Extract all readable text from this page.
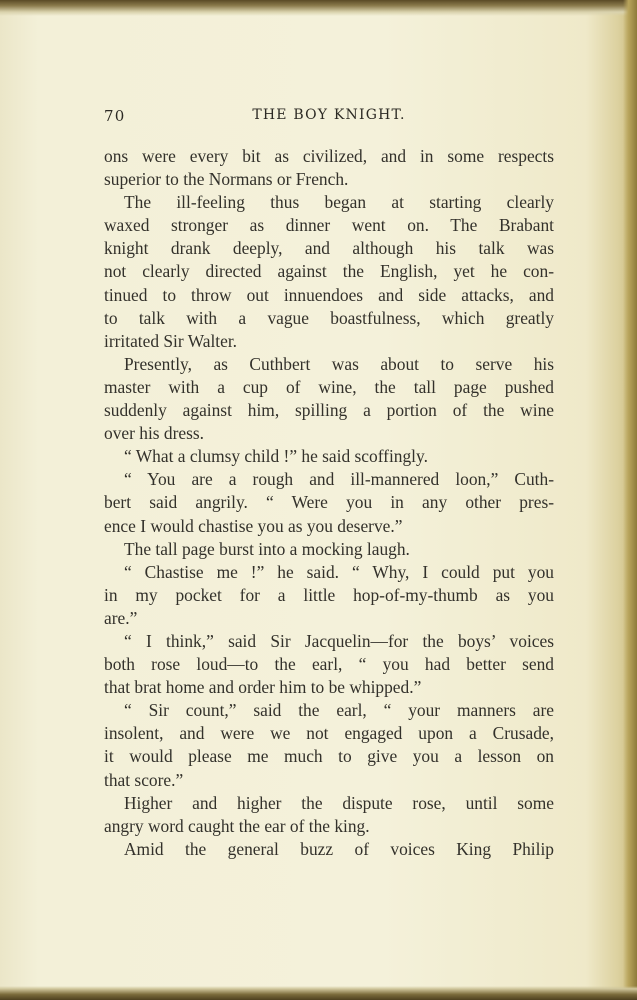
70	THE BOY KNIGHT.
ons were every bit as civilized, and in some respects
superior to the Normans or French.
The ill-feeling thus began at starting clearly
waxed stronger as dinner went on. The Brabant
knight drank deeply, and although his talk was
not clearly directed against the English, yet he con-
tinued to throw out innuendoes and side attacks, and
to talk with a vague boastfulness, which greatly
irritated Sir Walter.
Presently, as Cuthbert was about to serve his
master with a cup of wine, the tall page pushed
suddenly against him, spilling a portion of the wine
over his dress.
“ What a clumsy child !” he said scoffingly.
“ You are a rough and ill-mannered loon,” Cuth-
bert said angrily. “ Were you in any other pres-
ence I would chastise you as you deserve.”
The tall page burst into a mocking laugh.
“ Chastise me !” he said. “ Why, I could put you
in my pocket for a little hop-of-my-thumb as you
are.”
“ I think,” said Sir Jacquelin—for the boys’ voices
both rose loud—to the earl, “ you had better send
that brat home and order him to be whipped.”
“ Sir count,” said the earl, “ your manners are
insolent, and were we not engaged upon a Crusade,
it would please me much to give you a lesson on
that score.”
Higher and higher the dispute rose, until some
angry word caught the ear of the king.
Amid the general buzz of voices King Philip
